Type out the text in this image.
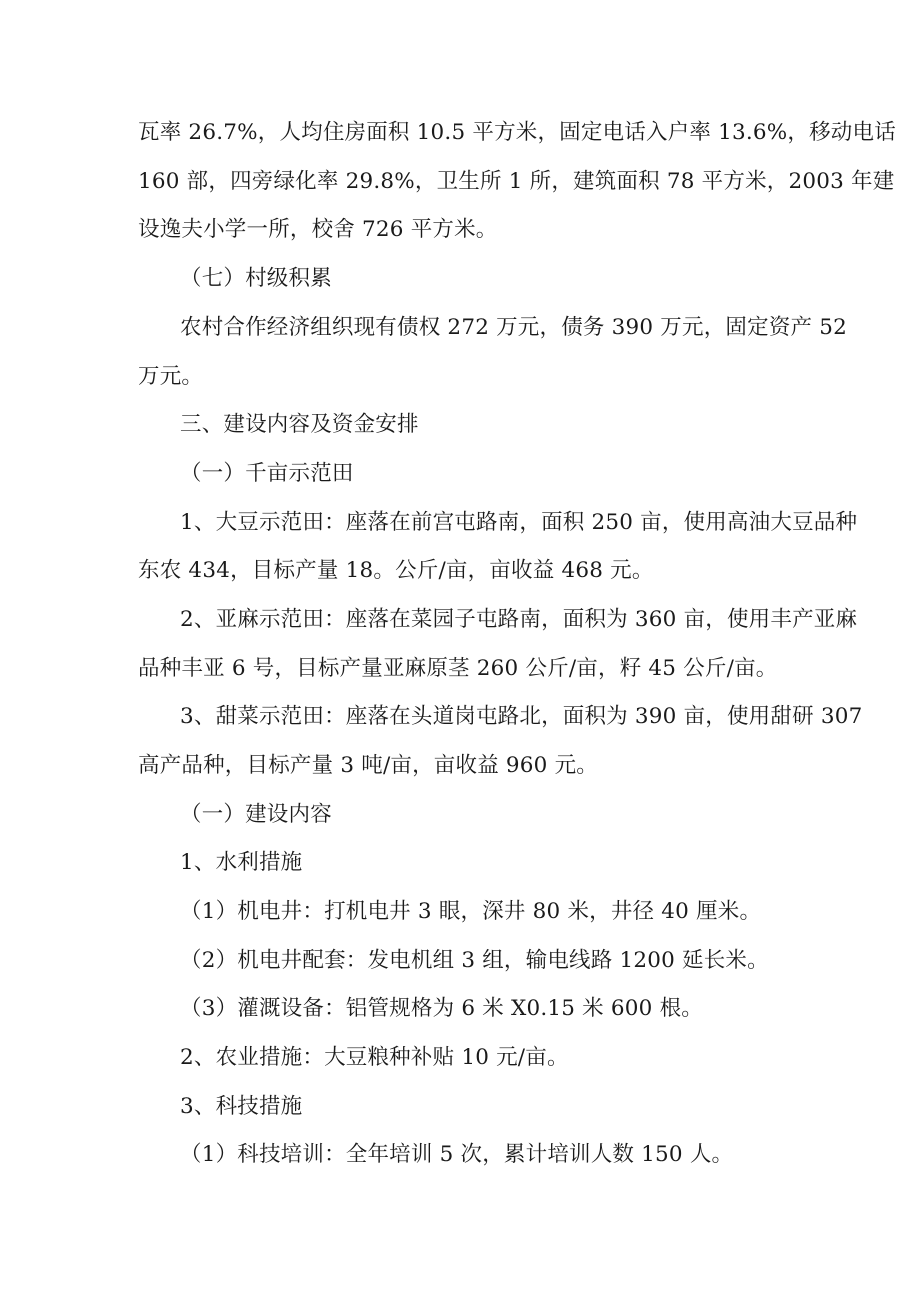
瓦率 26.7%，人均住房面积 10.5 平方米，固定电话入户率 13.6%，移动电话

160 部，四旁绿化率 29.8%，卫生所 1 所，建筑面积 78 平方米，2003 年建

设逸夫小学一所，校舍 726 平方米。

（七）村级积累

农村合作经济组织现有债权 272 万元，债务 390 万元，固定资产 52

万元。

三、建设内容及资金安排

（一）千亩示范田

1、大豆示范田：座落在前宫屯路南，面积 250 亩，使用高油大豆品种

东农 434，目标产量 18。公斤/亩，亩收益 468 元。

2、亚麻示范田：座落在菜园子屯路南，面积为 360 亩，使用丰产亚麻

品种丰亚 6 号，目标产量亚麻原茎 260 公斤/亩，籽 45 公斤/亩。

3、甜菜示范田：座落在头道岗屯路北，面积为 390 亩，使用甜研 307

高产品种，目标产量 3 吨/亩，亩收益 960 元。

（一）建设内容

1、水利措施

（1）机电井：打机电井 3 眼，深井 80 米，井径 40 厘米。

（2）机电井配套：发电机组 3 组，输电线路 1200 延长米。

（3）灌溉设备：铝管规格为 6 米 X0.15 米 600 根。

2、农业措施：大豆粮种补贴 10 元/亩。

3、科技措施

（1）科技培训：全年培训 5 次，累计培训人数 150 人。
